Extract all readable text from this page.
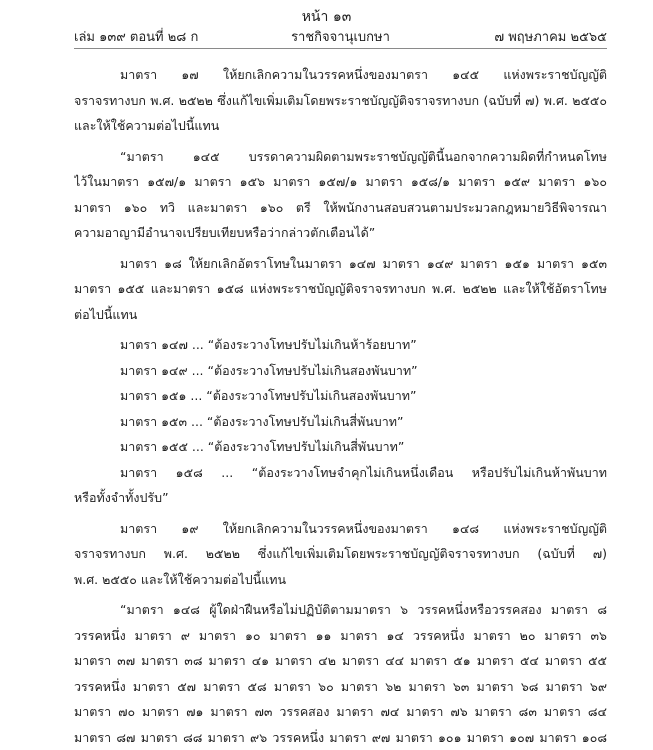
หน้า ๑๓
เล่ม ๑๓๙ ตอนที่ ๒๘ ก	ราชกิจจานุเบกษา	๗ พฤษภาคม ๒๕๖๕
มาตรา ๑๗ ให้ยกเลิกความในวรรคหนึ่งของมาตรา ๑๔๕ แห่งพระราชบัญญัติ
จราจรทางบก พ.ศ. ๒๕๒๒ ซึ่งแก้ไขเพิ่มเติมโดยพระราชบัญญัติจราจรทางบก (ฉบับที่ ๗) พ.ศ. ๒๕๕๐
และให้ใช้ความต่อไปนี้แทน
“มาตรา ๑๔๕ บรรดาความผิดตามพระราชบัญญัตินี้นอกจากความผิดที่กำหนดโทษ
ไว้ในมาตรา ๑๕๗/๑ มาตรา ๑๕๖ มาตรา ๑๕๗/๑ มาตรา ๑๕๘/๑ มาตรา ๑๕๙ มาตรา ๑๖๐
มาตรา ๑๖๐ ทวิ และมาตรา ๑๖๐ ตรี ให้พนักงานสอบสวนตามประมวลกฎหมายวิธีพิจารณา
ความอาญามีอำนาจเปรียบเทียบหรือว่ากล่าวตักเตือนได้”
มาตรา ๑๘ ให้ยกเลิกอัตราโทษในมาตรา ๑๔๗ มาตรา ๑๔๙ มาตรา ๑๕๑ มาตรา ๑๕๓
มาตรา ๑๕๕ และมาตรา ๑๕๘ แห่งพระราชบัญญัติจราจรทางบก พ.ศ. ๒๕๒๒ และให้ใช้อัตราโทษ
ต่อไปนี้แทน
มาตรา ๑๔๗ ... “ต้องระวางโทษปรับไม่เกินห้าร้อยบาท”
มาตรา ๑๔๙ ... “ต้องระวางโทษปรับไม่เกินสองพันบาท”
มาตรา ๑๕๑ ... “ต้องระวางโทษปรับไม่เกินสองพันบาท”
มาตรา ๑๕๓ ... “ต้องระวางโทษปรับไม่เกินสี่พันบาท”
มาตรา ๑๕๕ ... “ต้องระวางโทษปรับไม่เกินสี่พันบาท”
มาตรา ๑๕๘ ... “ต้องระวางโทษจำคุกไม่เกินหนึ่งเดือน หรือปรับไม่เกินห้าพันบาท
หรือทั้งจำทั้งปรับ”
มาตรา ๑๙ ให้ยกเลิกความในวรรคหนึ่งของมาตรา ๑๔๘ แห่งพระราชบัญญัติ
จราจรทางบก พ.ศ. ๒๕๒๒ ซึ่งแก้ไขเพิ่มเติมโดยพระราชบัญญัติจราจรทางบก (ฉบับที่ ๗)
พ.ศ. ๒๕๕๐ และให้ใช้ความต่อไปนี้แทน
“มาตรา ๑๔๘ ผู้ใดฝ่าฝืนหรือไม่ปฏิบัติตามมาตรา ๖ วรรคหนึ่งหรือวรรคสอง มาตรา ๘
วรรคหนึ่ง มาตรา ๙ มาตรา ๑๐ มาตรา ๑๑ มาตรา ๑๔ วรรคหนึ่ง มาตรา ๒๐ มาตรา ๓๖
มาตรา ๓๗ มาตรา ๓๘ มาตรา ๔๑ มาตรา ๔๒ มาตรา ๔๔ มาตรา ๕๑ มาตรา ๕๔ มาตรา ๕๕
วรรคหนึ่ง มาตรา ๕๗ มาตรา ๕๘ มาตรา ๖๐ มาตรา ๖๒ มาตรา ๖๓ มาตรา ๖๘ มาตรา ๖๙
มาตรา ๗๐ มาตรา ๗๑ มาตรา ๗๓ วรรคสอง มาตรา ๗๔ มาตรา ๗๖ มาตรา ๘๓ มาตรา ๘๔
มาตรา ๘๗ มาตรา ๘๘ มาตรา ๙๖ วรรคหนึ่ง มาตรา ๙๗ มาตรา ๑๐๑ มาตรา ๑๐๗ มาตรา ๑๐๘
